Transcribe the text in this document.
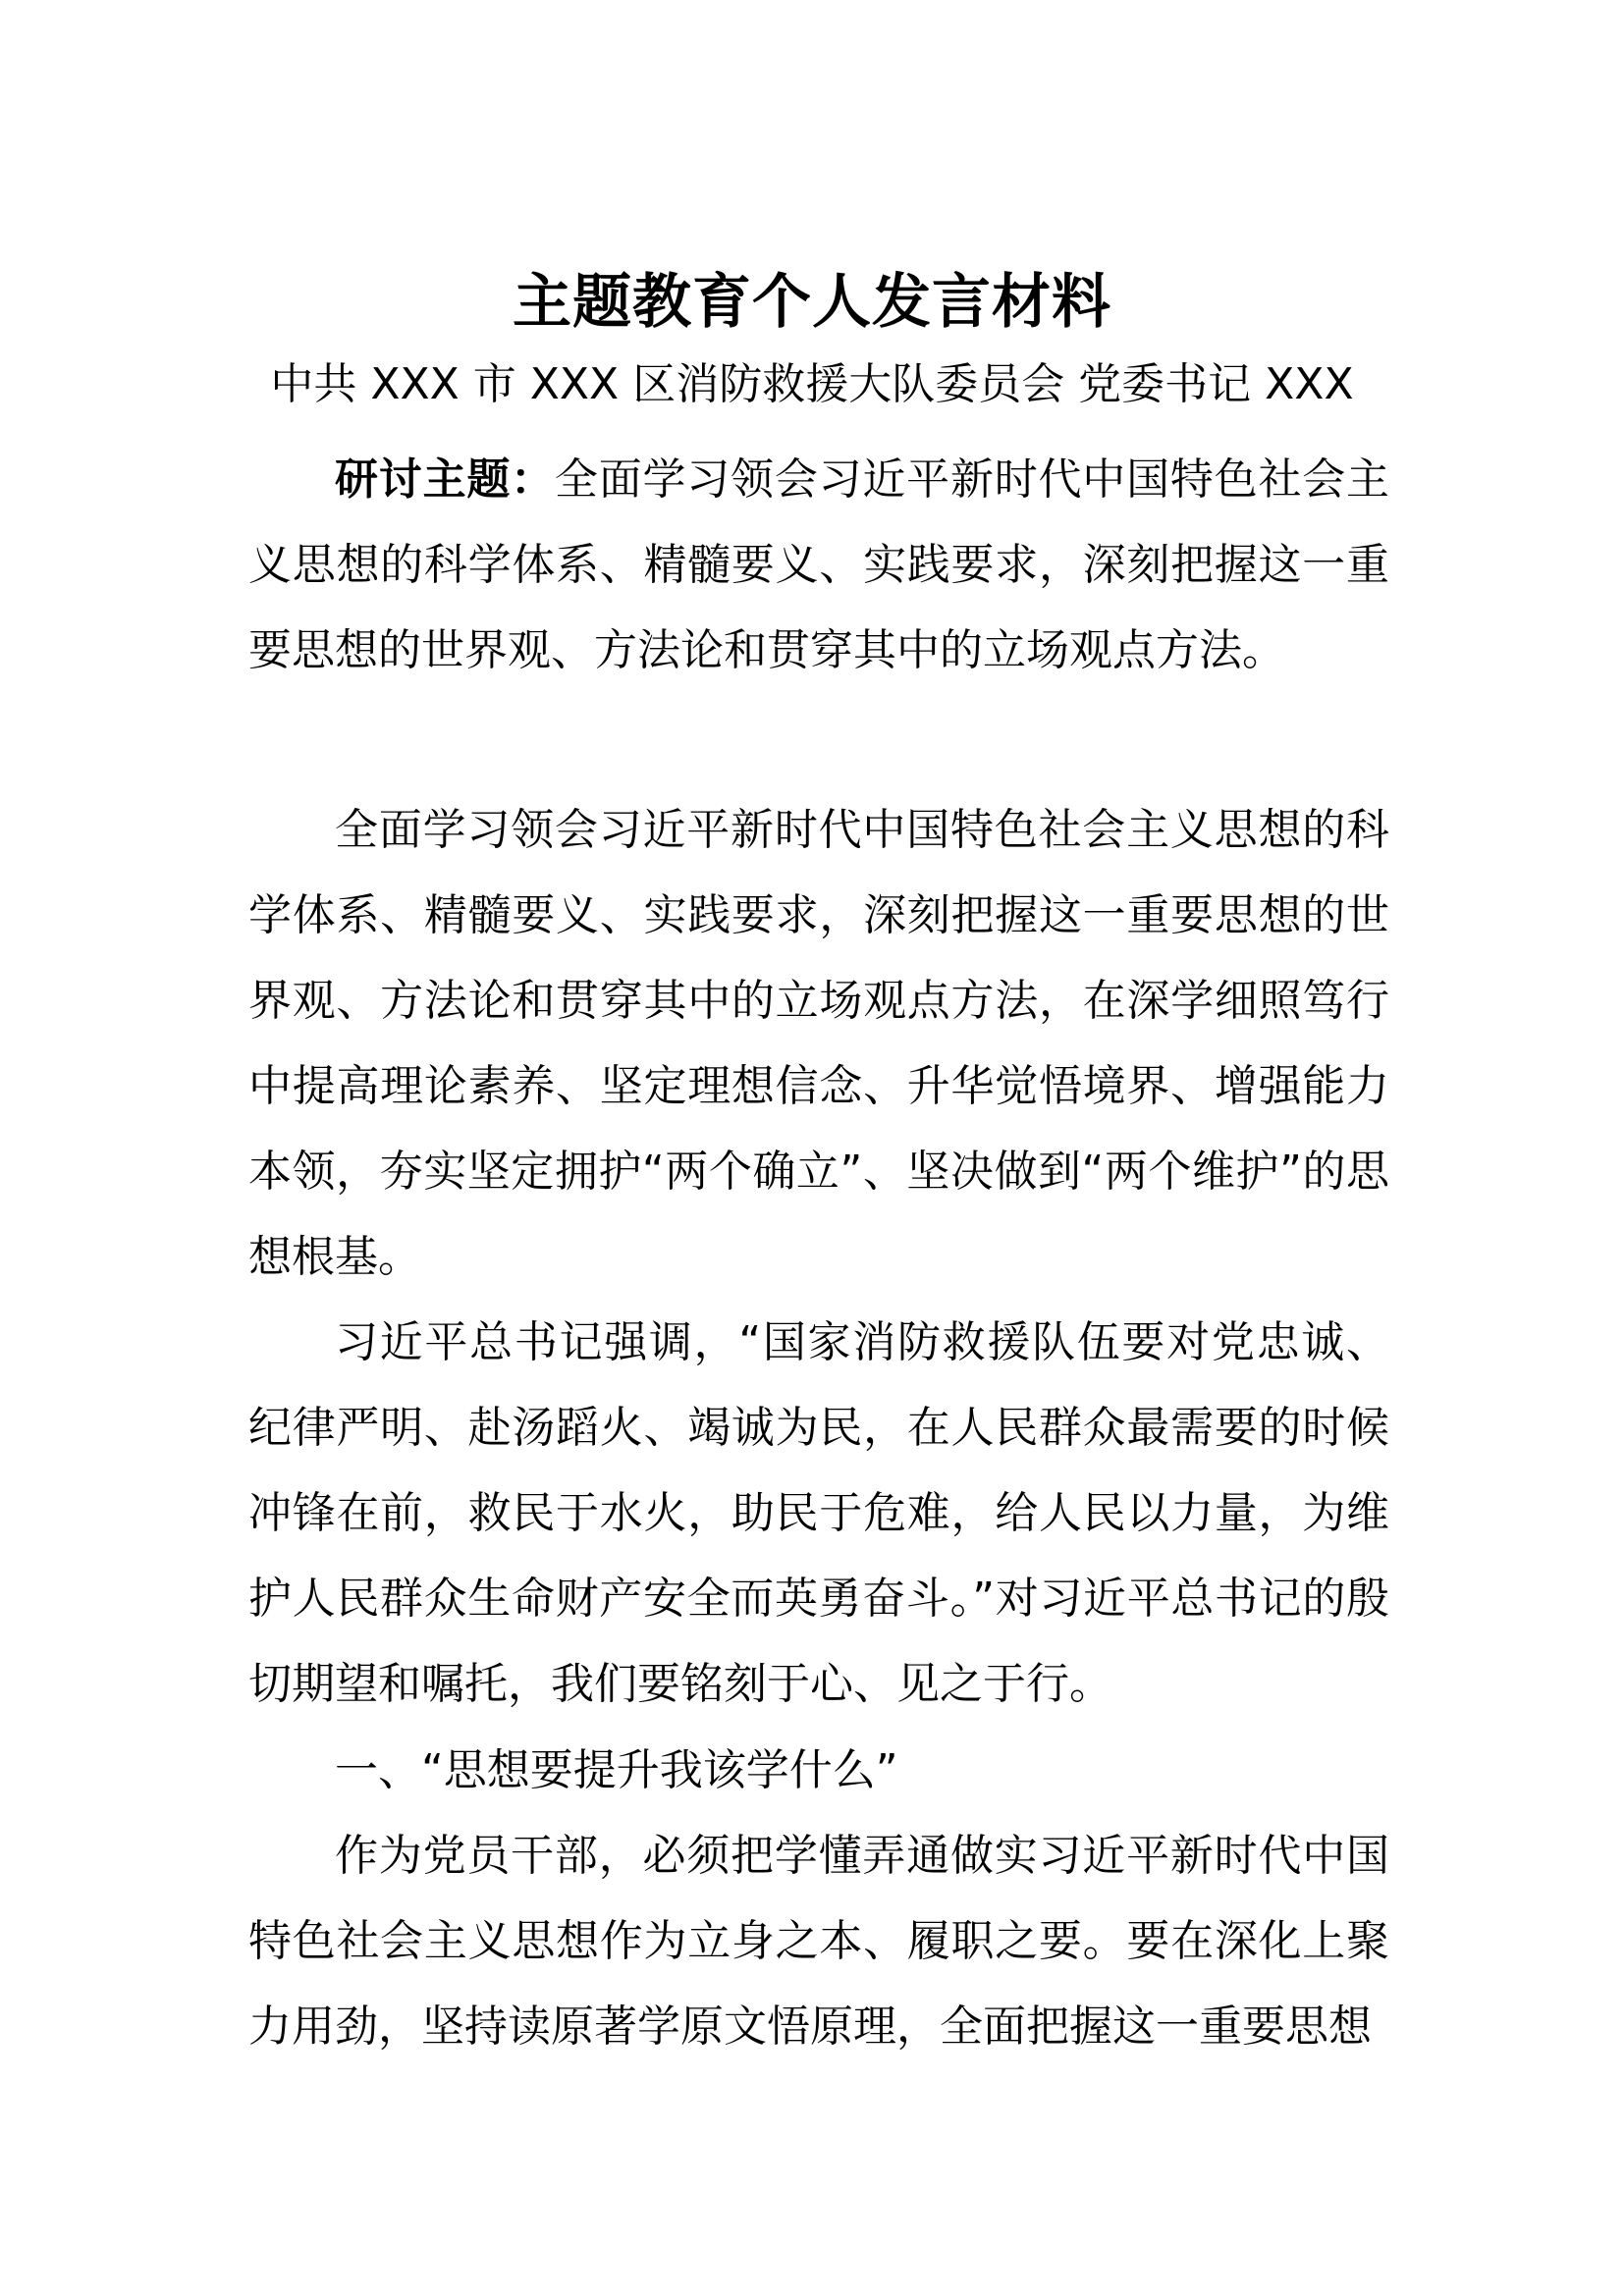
主题教育个人发言材料

中共 XXX 市 XXX 区消防救援大队委员会 党委书记 XXX

研讨主题：全面学习领会习近平新时代中国特色社会主义思想的科学体系、精髓要义、实践要求，深刻把握这一重要思想的世界观、方法论和贯穿其中的立场观点方法。

全面学习领会习近平新时代中国特色社会主义思想的科学体系、精髓要义、实践要求，深刻把握这一重要思想的世界观、方法论和贯穿其中的立场观点方法，在深学细照笃行中提高理论素养、坚定理想信念、升华觉悟境界、增强能力本领，夯实坚定拥护“两个确立”、坚决做到“两个维护”的思想根基。

习近平总书记强调，“国家消防救援队伍要对党忠诚、纪律严明、赴汤蹈火、竭诚为民，在人民群众最需要的时候冲锋在前，救民于水火，助民于危难，给人民以力量，为维护人民群众生命财产安全而英勇奋斗。”对习近平总书记的殷切期望和嘱托，我们要铭刻于心、见之于行。

一、“思想要提升我该学什么”

作为党员干部，必须把学懂弄通做实习近平新时代中国特色社会主义思想作为立身之本、履职之要。要在深化上聚力用劲，坚持读原著学原文悟原理，全面把握这一重要思想
